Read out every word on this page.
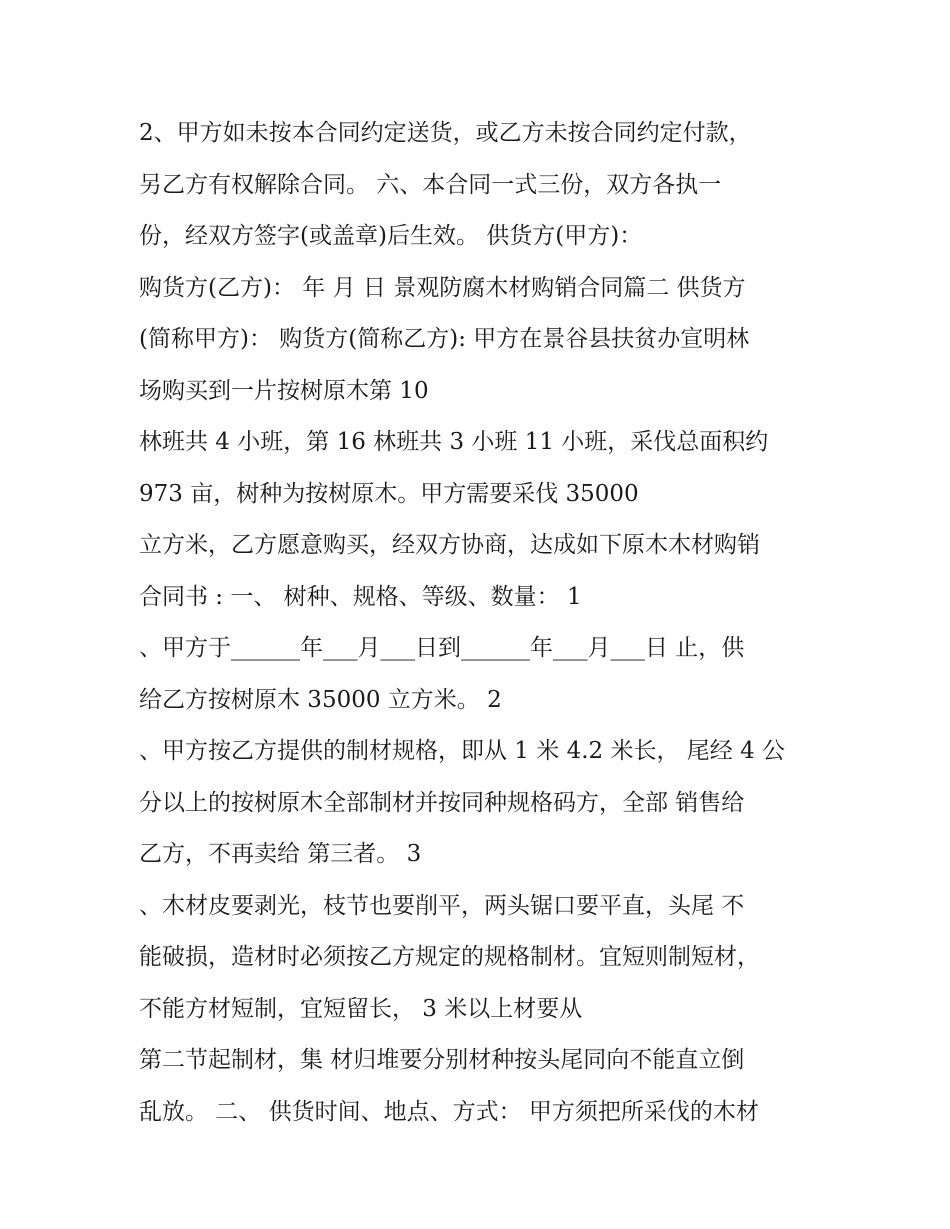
2、甲方如未按本合同约定送货，或乙方未按合同约定付款，
另乙方有权解除合同。 六、本合同一式三份，双方各执一
份，经双方签字(或盖章)后生效。 供货方(甲方)：
购货方(乙方)： 年 月 日 景观防腐木材购销合同篇二 供货方
(简称甲方)： 购货方(简称乙方): 甲方在景谷县扶贫办宣明林
场购买到一片按树原木第 10
林班共 4 小班，第 16 林班共 3 小班 11 小班，采伐总面积约
973 亩，树种为按树原木。甲方需要采伐 35000
立方米，乙方愿意购买，经双方协商，达成如下原木木材购销
合同书 : 一、 树种、规格、等级、数量： 1
、甲方于______年___月___日到______年___月___日 止，供
给乙方按树原木 35000 立方米。 2
、甲方按乙方提供的制材规格，即从 1 米 4.2 米长， 尾经 4 公
分以上的按树原木全部制材并按同种规格码方，全部 销售给
乙方，不再卖给 第三者。 3
、木材皮要剥光，枝节也要削平，两头锯口要平直，头尾 不
能破损，造材时必须按乙方规定的规格制材。宜短则制短材，
不能方材短制，宜短留长， 3 米以上材要从
第二节起制材，集 材归堆要分别材种按头尾同向不能直立倒
乱放。 二、 供货时间、地点、方式： 甲方须把所采伐的木材
